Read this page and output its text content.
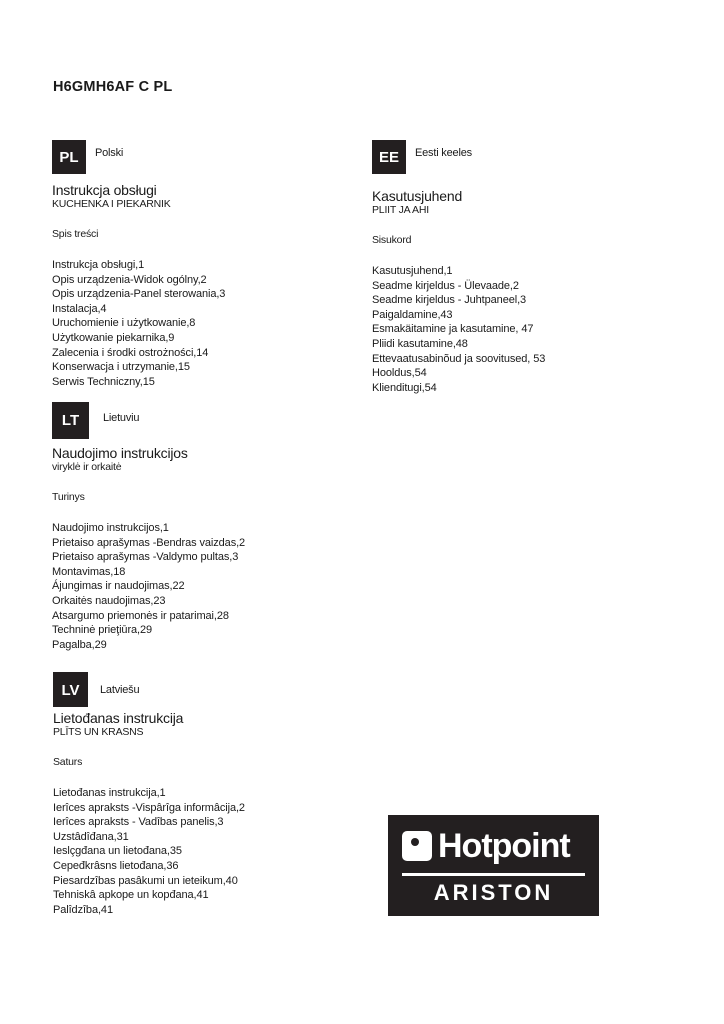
H6GMH6AF C PL
PL	Polski
Instrukcja obsługi
KUCHENKA I PIEKARNIK
Spis treści
Instrukcja obsługi,1
Opis urządzenia-Widok ogólny,2
Opis urządzenia-Panel sterowania,3
Instalacja,4
Uruchomienie i użytkowanie,8
Użytkowanie piekarnika,9
Zalecenia i środki ostrożności,14
Konserwacja i utrzymanie,15
Serwis Techniczny,15
EE	Eesti keeles
Kasutusjuhend
PLIIT JA AHI
Sisukord
Kasutusjuhend,1
Seadme kirjeldus - Ülevaade,2
Seadme kirjeldus - Juhtpaneel,3
Paigaldamine,43
Esmakäitamine ja kasutamine, 47
Pliidi kasutamine,48
Ettevaatusabinõud ja soovitused, 53
Hooldus,54
Klienditugi,54
LT	Lietuviu
Naudojimo instrukcijos
viryklė ir orkaitė
Turinys
Naudojimo instrukcijos,1
Prietaiso aprašymas -Bendras vaizdas,2
Prietaiso aprašymas -Valdymo pultas,3
Montavimas,18
Ájungimas ir naudojimas,22
Orkaitės naudojimas,23
Atsargumo priemonės ir patarimai,28
Techninė prieţiūra,29
Pagalba,29
LV	Latviešu
Lietođanas instrukcija
PLĪTS UN KRASNS
Saturs
Lietođanas instrukcija,1
Ierîces apraksts -Vispârîga informâcija,2
Ierîces apraksts - Vadîbas panelis,3
Uzstâdîđana,31
Ieslçgđana un lietođana,35
Cepeđkrâsns lietođana,36
Piesardzîbas pasâkumi un ieteikum,40
Tehniskâ apkope un kopđana,41
Palîdzîba,41
Hotpoint
ARISTON
